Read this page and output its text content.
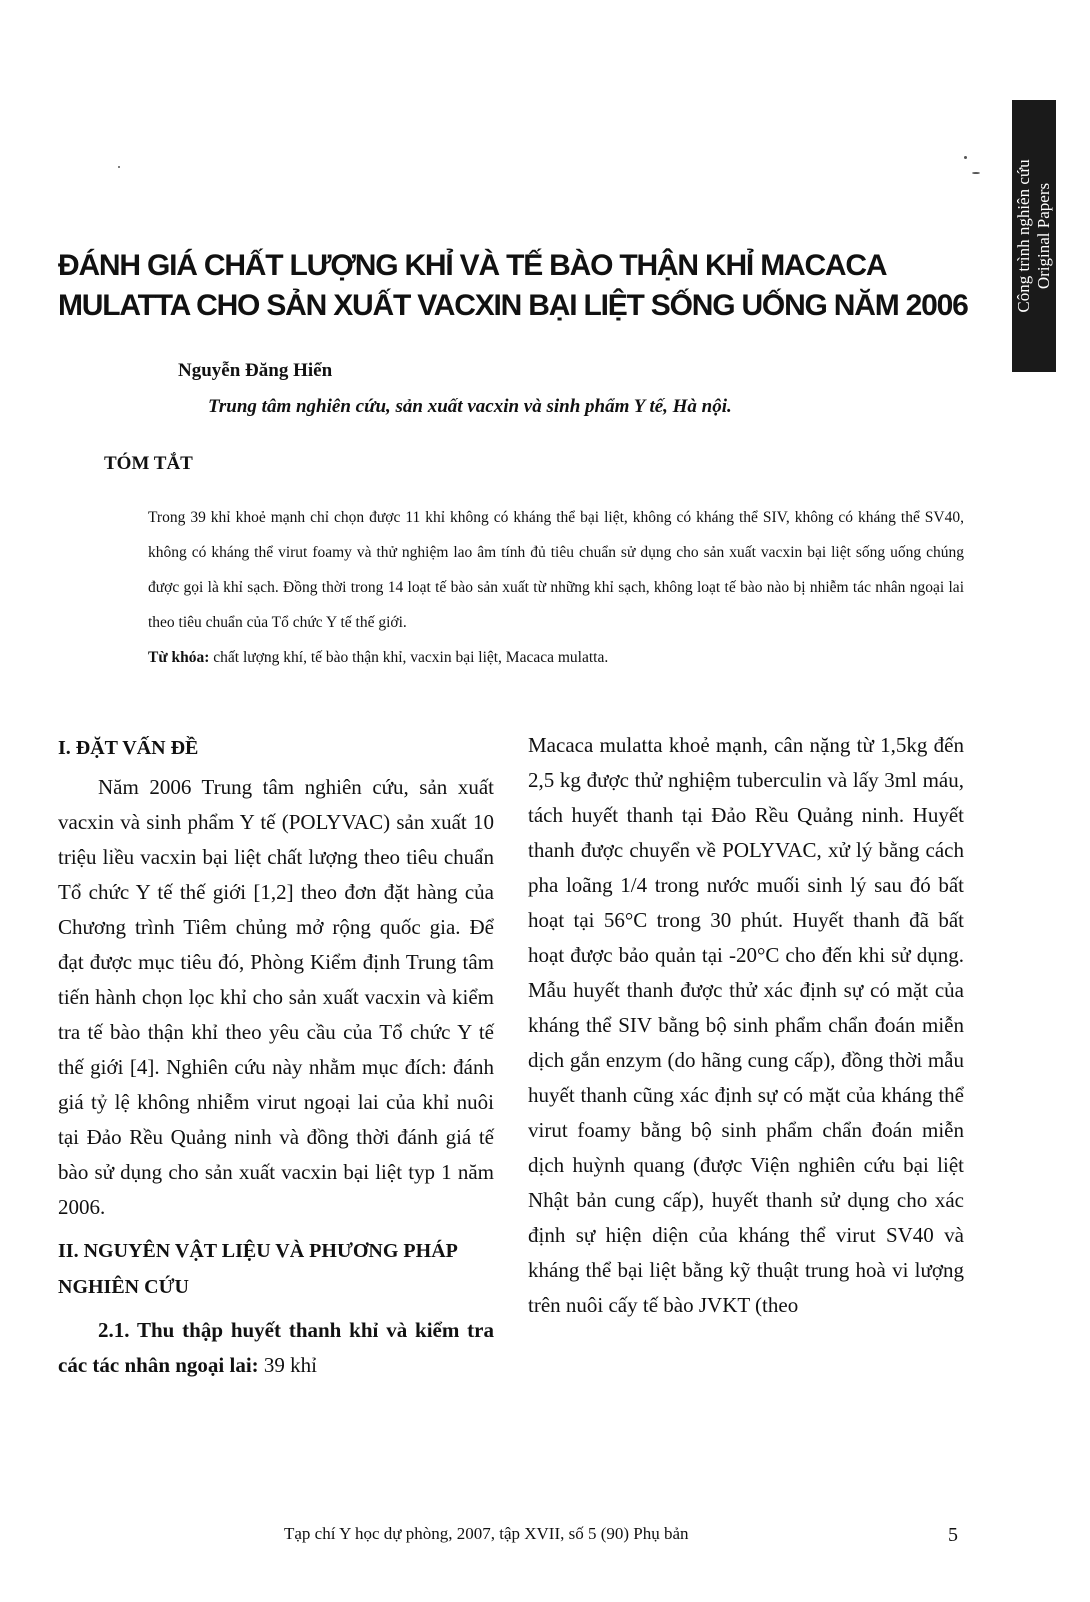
Công trình nghiên cứu Original Papers
ĐÁNH GIÁ CHẤT LƯỢNG KHỈ VÀ TẾ BÀO THẬN KHỈ MACACA
MULATTA CHO SẢN XUẤT VACXIN BẠI LIỆT SỐNG UỐNG NĂM 2006
Nguyễn Đăng Hiển
Trung tâm nghiên cứu, sản xuất vacxin và sinh phẩm Y tế, Hà nội.
TÓM TẮT

Trong 39 khỉ khoẻ mạnh chỉ chọn được 11 khỉ không có kháng thể bại liệt, không có kháng thể SIV, không có kháng thể SV40, không có kháng thể virut foamy và thử nghiệm lao âm tính đủ tiêu chuẩn sử dụng cho sản xuất vacxin bại liệt sống uống chúng được gọi là khỉ sạch. Đồng thời trong 14 loạt tế bào sản xuất từ những khỉ sạch, không loạt tế bào nào bị nhiễm tác nhân ngoại lai theo tiêu chuẩn của Tổ chức Y tế thế giới.

Từ khóa: chất lượng khí, tế bào thận khỉ, vacxin bại liệt, Macaca mulatta.

I. ĐẶT VẤN ĐỀ

Năm 2006 Trung tâm nghiên cứu, sản xuất vacxin và sinh phẩm Y tế (POLYVAC) sản xuất 10 triệu liều vacxin bại liệt chất lượng theo tiêu chuẩn Tổ chức Y tế thế giới [1,2] theo đơn đặt hàng của Chương trình Tiêm chủng mở rộng quốc gia. Để đạt được mục tiêu đó, Phòng Kiểm định Trung tâm tiến hành chọn lọc khỉ cho sản xuất vacxin và kiểm tra tế bào thận khỉ theo yêu cầu của Tổ chức Y tế thế giới [4]. Nghiên cứu này nhằm mục đích: đánh giá tỷ lệ không nhiễm virut ngoại lai của khỉ nuôi tại Đảo Rều Quảng ninh và đồng thời đánh giá tế bào sử dụng cho sản xuất vacxin bại liệt typ 1 năm 2006.

II. NGUYÊN VẬT LIỆU VÀ PHƯƠNG PHÁP NGHIÊN CỨU

2.1. Thu thập huyết thanh khỉ và kiểm tra các tác nhân ngoại lai: 39 khỉ

Macaca mulatta khoẻ mạnh, cân nặng từ 1,5kg đến 2,5 kg được thử nghiệm tuberculin và lấy 3ml máu, tách huyết thanh tại Đảo Rều Quảng ninh. Huyết thanh được chuyển về POLYVAC, xử lý bằng cách pha loãng 1/4 trong nước muối sinh lý sau đó bất hoạt tại 56°C trong 30 phút. Huyết thanh đã bất hoạt được bảo quản tại -20°C cho đến khi sử dụng. Mẫu huyết thanh được thử xác định sự có mặt của kháng thể SIV bằng bộ sinh phẩm chẩn đoán miễn dịch gắn enzym (do hãng cung cấp), đồng thời mẫu huyết thanh cũng xác định sự có mặt của kháng thể virut foamy bằng bộ sinh phẩm chẩn đoán miễn dịch huỳnh quang (được Viện nghiên cứu bại liệt Nhật bản cung cấp), huyết thanh sử dụng cho xác định sự hiện diện của kháng thể virut SV40 và kháng thể bại liệt bằng kỹ thuật trung hoà vi lượng trên nuôi cấy tế bào JVKT (theo

Tạp chí Y học dự phòng, 2007, tập XVII, số 5 (90) Phụ bản	5
